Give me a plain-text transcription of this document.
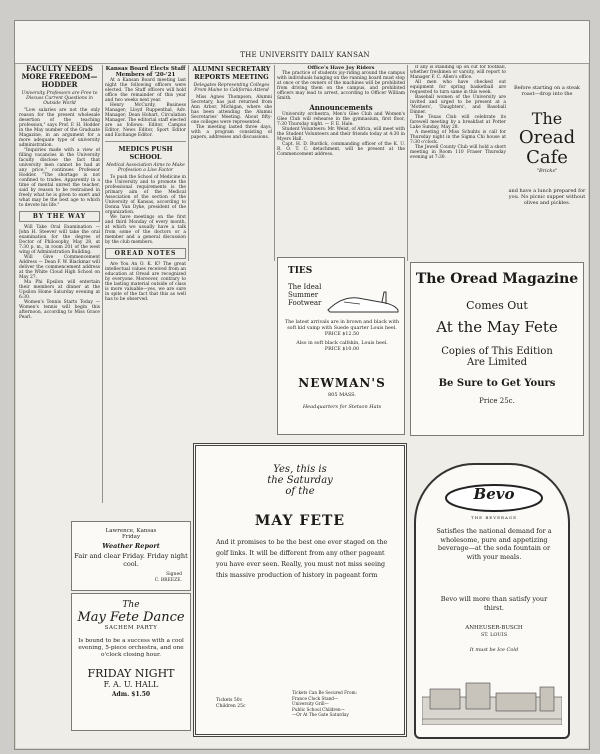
THE UNIVERSITY DAILY KANSAN
FACULTY NEEDS MORE FREEDOM—HODDER
University Professors are Free to Discuss Current Questions in Outside World

"Low salaries are not the only reason for the present wholesale desertion of the teaching profession," says Prof. F. H. Hodder in the May number of the Graduate Magazine, in an argument for a more adequate type of university administration.

"Inquiries made with a view of filling vacancies in the University faculty disclose the fact that university men cannot be had at any price," continues Professor Hodder. "The shortage is not confined to trades. Apparently in a time of mental unrest the teacher, said by reason to be restrained in freely what he is given to exert and what may be the best age to which to devote his life."

BY THE WAY

Will Take Oral Examination — John H. Steever will take the oral examination for the degree of Doctor of Philosophy, May 28, at 7:30 p. m., in room 201 of the west wing of Administration Building.

Will Give Commencement Address — Dean F. W. Blackmar will deliver the commencement address at the White Cloud High School on May 27.

Ma Phi Epsilon will entertain their members at dinner at the Upsilon Home Saturday evening at 6:30.

Women's Tennis Starts Today — Women's tennis will begin this afternoon, according to Miss Grace Pearl.

Kansas Board Elects Staff Members of '20-'21

At a Kansan Board meeting last night the following officers were elected. The Staff officers will hold office the remainder of this year and two weeks next year.

Henry McCurdy, Business Manager; Lloyd Ruppenthal, Adv. Manager; Dean Hobart, Circulation Manager. The editorial staff elected are as follows: Editor, Campus Editor, News Editor, Sport Editor and Exchange Editor.

MEDICS PUSH SCHOOL
Medical Association Aims to Make Profession a Live Factor

To push the School of Medicine in the University and to promote the professional requirements is the primary aim of the Medical Association of the section of the University of Kansas, according to Donna Van Dyke, president of the organization.

We have meetings on the first and third Monday of every month, at which we usually have a talk from some of the doctors or a member and a general discussion by the club members.

OREAD NOTES

Are You An O. K. K? The great intellectual values received from an education at Oread are recognized by everyone. Moreover, contrary to the lasting material outside of class is more valuable—yes, we are sure in spite of the fact that this as well has to be observed.

ALUMNI SECRETARY REPORTS MEETING
Delegates Representing Colleges From Maine to California Attend

Miss Agnes Thompson, Alumni Secretary, has just returned from Ann Arbor, Michigan, where she has been attending the Alumni Secretaries' Meeting. About fifty-one colleges were represented.

The meeting lasted three days, with a program consisting of papers, addresses and discussions.

Office's Have Joy Riders

The practice of students joy-riding around the campus with individuals hanging on the running board must stop at once or the owners of the machines will be prohibited from driving them on the campus, and prohibited officers may lead to arrest, according to Officer William Smith.

Announcements

University orchestra, Men's Glee Club and Women's Glee Club will rehearse in the gymnasium, first floor, 7:30 Thursday night. — F. E. Hale.

Student Volunteers: Mr. Weist, of Africa, will meet with the Student Volunteers and their friends today at 4:30 in Myers Hall.

Capt. H. D. Burdick, commanding officer of the K. U. R. O. T. C. detachment, will be present at the Commencement address.

If any is standing up on cut for football, whether freshmen or varsity, will report to Manager F. C. Allen's office.

All men who have checked out equipment for spring basketball are requested to turn same in this week.

Baseball women of the University are invited and urged to be present at a 'Mothers', 'Daughters', and Baseball Dinner.

The Texas Club will celebrate its farewell meeting by a breakfast at Potter Lake Sunday, May 28.

A meeting of Miss Schuhts is call for Thursday night in the Sigma Chi house at 7:30 o'clock.

The Jewell County Club will hold a short meeting in Room 110 Fraser Thursday evening at 7:30.

Before starting on a steak roast—drop into the
The
Oread
Cafe
"Bricks"
and have a lunch prepared for you. No picnic supper without olives and pickles.
TIES
The Ideal
Summer
Footwear
The latest arrivals are in brown and black with soft kid vamp with Suede quarter Louis heel.
PRICE $12.50
Also in soft black calfskin, Louis heel.
PRICE $10.00
NEWMAN'S
805 MASS.
Headquarters for Stetson Hats
The Oread Magazine
Comes Out
At the May Fete
Copies of This Edition
Are Limited
Be Sure to Get Yours
Price 25c.
Lawrence, Kansas
Friday
Weather Report
Fair and clear Friday. Friday night cool.
Signed
C. BREEZE.
The
May Fete Dance
SACHEM PARTY
Is bound to be a success with a cool evening, 5-piece orchestra, and one o'clock closing hour.
FRIDAY NIGHT
F. A. U. HALL
Adm. $1.50
Yes, this is
the Saturday
of the
MAY FETE
And it promises to be the best one ever staged on the golf links. It will be different from any other pageant you have ever seen. Really, you must not miss seeing this massive production of history in pageant form
Tickets 50c
Children 25c
Tickets Can Be Secured From:
France Clock Stand—
University Grill—
Public School Children—
—Or At The Gate Saturday
Bevo
THE BEVERAGE
Satisfies the national demand for a wholesome, pure and appetizing beverage—at the soda fountain or with your meals.
Bevo will more than satisfy your thirst.
ANHEUSER-BUSCH
ST. LOUIS
It must be Ice Cold
